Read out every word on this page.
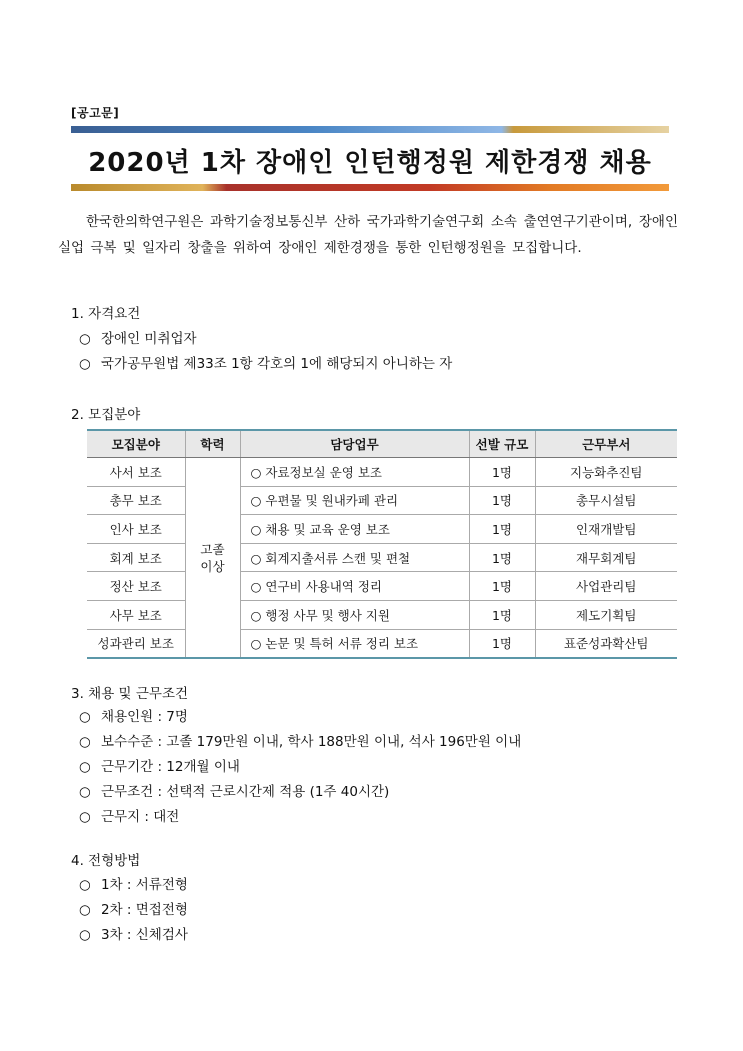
[공고문]
2020년 1차 장애인 인턴행정원 제한경쟁 채용
한국한의학연구원은 과학기술정보통신부 산하 국가과학기술연구회 소속 출연연구기관이며, 장애인 실업 극복 및 일자리 창출을 위하여 장애인 제한경쟁을 통한 인턴행정원을 모집합니다.
1. 자격요건
○ 장애인 미취업자
○ 국가공무원법 제33조 1항 각호의 1에 해당되지 아니하는 자
2. 모집분야
모집분야	학력	담당업무	선발 규모	근무부서
사서 보조	고졸 이상	○ 자료정보실 운영 보조	1명	지능화추진팀
총무 보조		○ 우편물 및 원내카페 관리	1명	총무시설팀
인사 보조		○ 채용 및 교육 운영 보조	1명	인재개발팀
회계 보조		○ 회계지출서류 스캔 및 편철	1명	재무회계팀
정산 보조		○ 연구비 사용내역 정리	1명	사업관리팀
사무 보조		○ 행정 사무 및 행사 지원	1명	제도기획팀
성과관리 보조		○ 논문 및 특허 서류 정리 보조	1명	표준성과확산팀
3. 채용 및 근무조건
○ 채용인원 : 7명
○ 보수수준 : 고졸 179만원 이내, 학사 188만원 이내, 석사 196만원 이내
○ 근무기간 : 12개월 이내
○ 근무조건 : 선택적 근로시간제 적용 (1주 40시간)
○ 근무지 : 대전
4. 전형방법
○ 1차 : 서류전형
○ 2차 : 면접전형
○ 3차 : 신체검사
